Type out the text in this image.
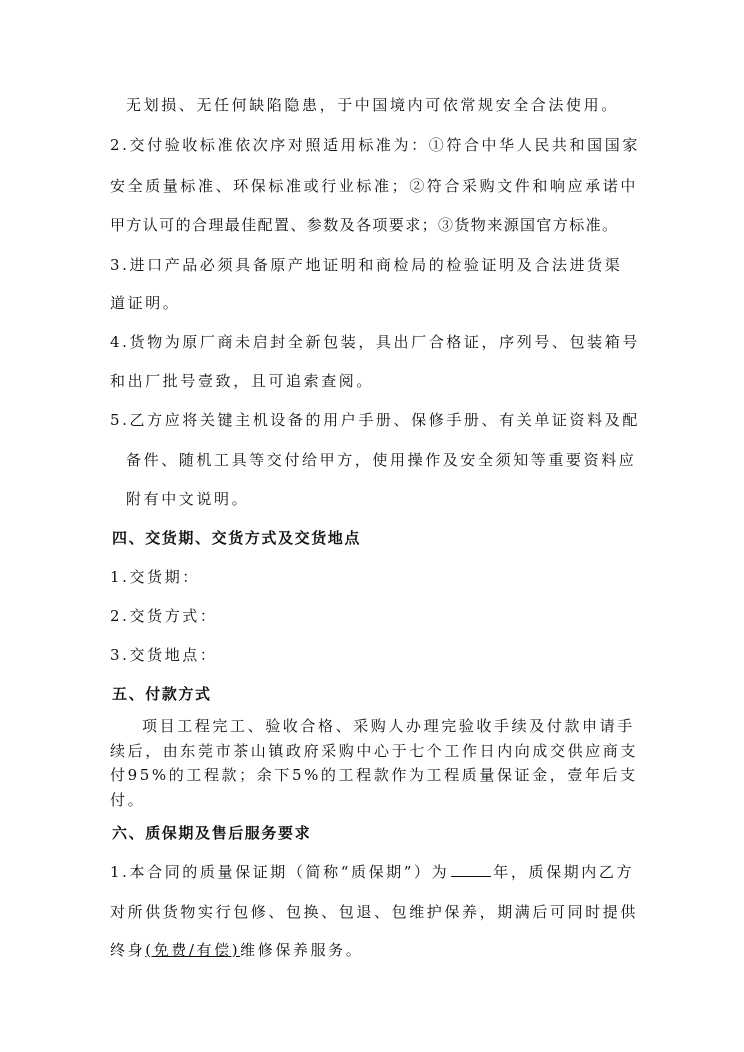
无划损、无任何缺陷隐患，于中国境内可依常规安全合法使用。
2.交付验收标准依次序对照适用标准为：①符合中华人民共和国国家
安全质量标准、环保标准或行业标准；②符合采购文件和响应承诺中
甲方认可的合理最佳配置、参数及各项要求；③货物来源国官方标准。
3.进口产品必须具备原产地证明和商检局的检验证明及合法进货渠
道证明。
4.货物为原厂商未启封全新包装，具出厂合格证，序列号、包装箱号
和出厂批号壹致，且可追索查阅。
5.乙方应将关键主机设备的用户手册、保修手册、有关单证资料及配
备件、随机工具等交付给甲方，使用操作及安全须知等重要资料应
附有中文说明。
四、交货期、交货方式及交货地点
1.交货期：
2.交货方式：
3.交货地点：
五、付款方式
项目工程完工、验收合格、采购人办理完验收手续及付款申请手
续后，由东莞市茶山镇政府采购中心于七个工作日内向成交供应商支
付95%的工程款；余下5%的工程款作为工程质量保证金，壹年后支
付。
六、质保期及售后服务要求
1.本合同的质量保证期（简称“质保期”）为	年，质保期内乙方
对所供货物实行包修、包换、包退、包维护保养，期满后可同时提供
终身(免费/有偿)维修保养服务。
